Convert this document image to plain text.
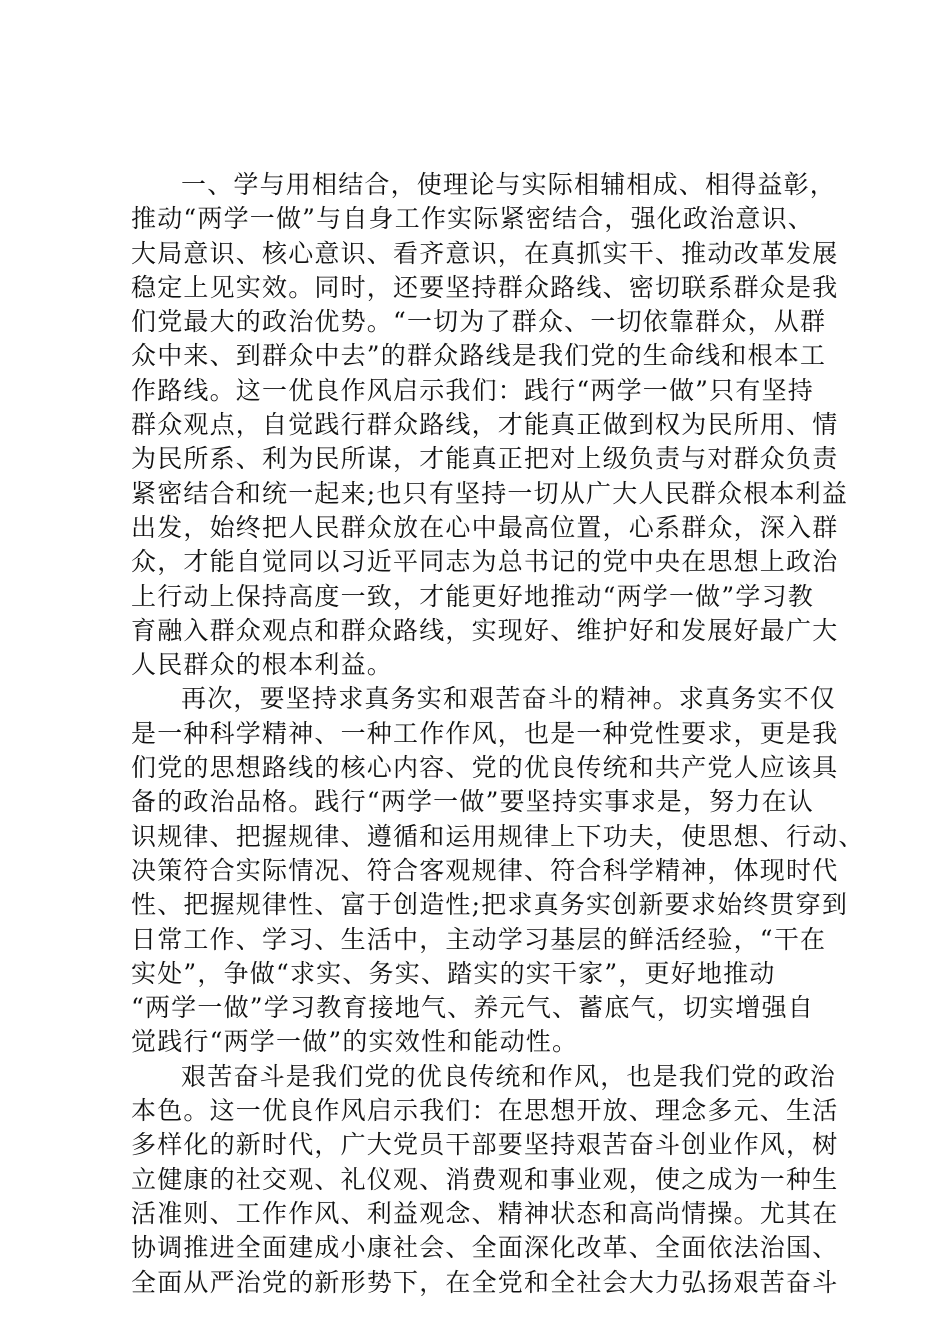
一、学与用相结合，使理论与实际相辅相成、相得益彰，
推动“两学一做”与自身工作实际紧密结合，强化政治意识、
大局意识、核心意识、看齐意识，在真抓实干、推动改革发展
稳定上见实效。同时，还要坚持群众路线、密切联系群众是我
们党最大的政治优势。“一切为了群众、一切依靠群众，从群
众中来、到群众中去”的群众路线是我们党的生命线和根本工
作路线。这一优良作风启示我们：践行“两学一做”只有坚持
群众观点，自觉践行群众路线，才能真正做到权为民所用、情
为民所系、利为民所谋，才能真正把对上级负责与对群众负责
紧密结合和统一起来;也只有坚持一切从广大人民群众根本利益
出发，始终把人民群众放在心中最高位置，心系群众，深入群
众，才能自觉同以习近平同志为总书记的党中央在思想上政治
上行动上保持高度一致，才能更好地推动“两学一做”学习教
育融入群众观点和群众路线，实现好、维护好和发展好最广大
人民群众的根本利益。
再次，要坚持求真务实和艰苦奋斗的精神。求真务实不仅
是一种科学精神、一种工作作风，也是一种党性要求，更是我
们党的思想路线的核心内容、党的优良传统和共产党人应该具
备的政治品格。践行“两学一做”要坚持实事求是，努力在认
识规律、把握规律、遵循和运用规律上下功夫，使思想、行动、
决策符合实际情况、符合客观规律、符合科学精神，体现时代
性、把握规律性、富于创造性;把求真务实创新要求始终贯穿到
日常工作、学习、生活中，主动学习基层的鲜活经验，“干在
实处”，争做“求实、务实、踏实的实干家”，更好地推动
“两学一做”学习教育接地气、养元气、蓄底气，切实增强自
觉践行“两学一做”的实效性和能动性。
艰苦奋斗是我们党的优良传统和作风，也是我们党的政治
本色。这一优良作风启示我们：在思想开放、理念多元、生活
多样化的新时代，广大党员干部要坚持艰苦奋斗创业作风，树
立健康的社交观、礼仪观、消费观和事业观，使之成为一种生
活准则、工作作风、利益观念、精神状态和高尚情操。尤其在
协调推进全面建成小康社会、全面深化改革、全面依法治国、
全面从严治党的新形势下，在全党和全社会大力弘扬艰苦奋斗
